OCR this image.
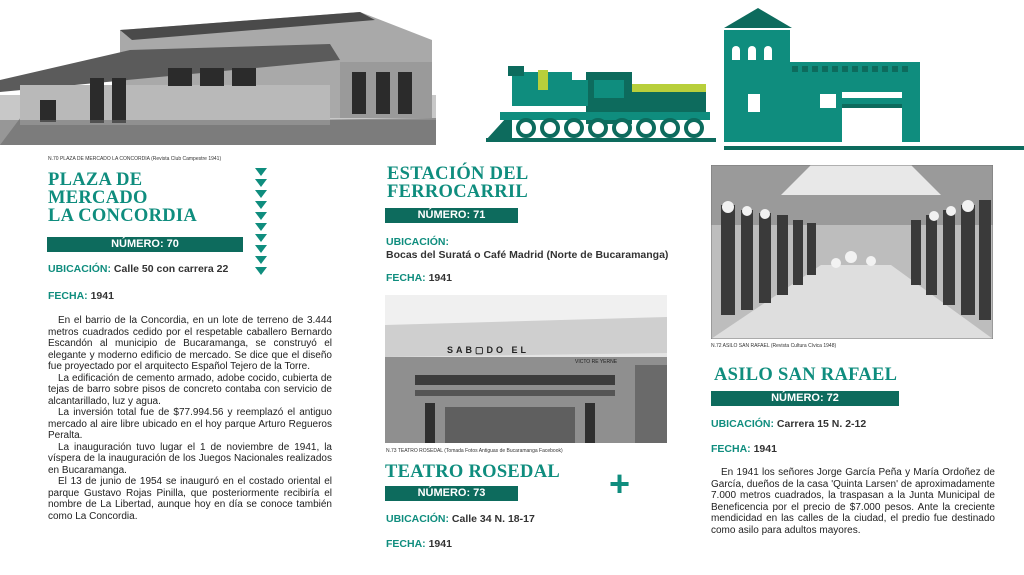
N.70 PLAZA DE MERCADO LA CONCORDIA (Revista Club Campestre 1941)
PLAZA DE
MERCADO
LA CONCORDIA
NÚMERO: 70
UBICACIÓN: Calle 50 con carrera 22
FECHA: 1941

En el barrio de la Concordia, en un lote de terreno de 3.444 metros cuadrados cedido por el respetable caballero Bernardo Escandón al municipio de Bucaramanga, se construyó el elegante y moderno edificio de mercado. Se dice que el diseño fue proyectado por el arquitecto Español Tejero de la Torre.

La edificación de cemento armado, adobe cocido, cubierta de tejas de barro sobre pisos de concreto contaba con servicio de alcantarillado, luz y agua.

La inversión total fue de $77.994.56 y reemplazó el antiguo mercado al aire libre ubicado en el hoy parque Arturo Regueros Peralta.

La inauguración tuvo lugar el 1 de noviembre de 1941, la víspera de la inauguración de los Juegos Nacionales realizados en Bucaramanga.

El 13 de junio de 1954 se inauguró en el costado oriental el parque Gustavo Rojas Pinilla, que posteriormente recibiría el nombre de La Libertad, aunque hoy en día se conoce también como La Concordia.

ESTACIÓN DEL
FERROCARRIL
NÚMERO: 71
UBICACIÓN:
Bocas del Suratá o Café Madrid (Norte de Bucaramanga)
FECHA: 1941
SAB▢DO EL
VICTO RE YERNE
N.73 TEATRO ROSEDAL (Tomada Fotos Antiguas de Bucaramanga Facebook)
TEATRO ROSEDAL
NÚMERO: 73
UBICACIÓN: Calle 34 N. 18-17
FECHA: 1941
+
N.72 ASILO SAN RAFAEL (Revista Cultura Cívica 1948)
ASILO SAN RAFAEL
NÚMERO: 72
UBICACIÓN: Carrera 15 N. 2-12
FECHA: 1941

En 1941 los señores Jorge García Peña y María Ordoñez de García, dueños de la casa 'Quinta Larsen' de aproximadamente 7.000 metros cuadrados, la traspasan a la Junta Municipal de Beneficencia por el precio de $7.000 pesos. Ante la creciente mendicidad en las calles de la ciudad, el predio fue destinado como asilo para adultos mayores.
